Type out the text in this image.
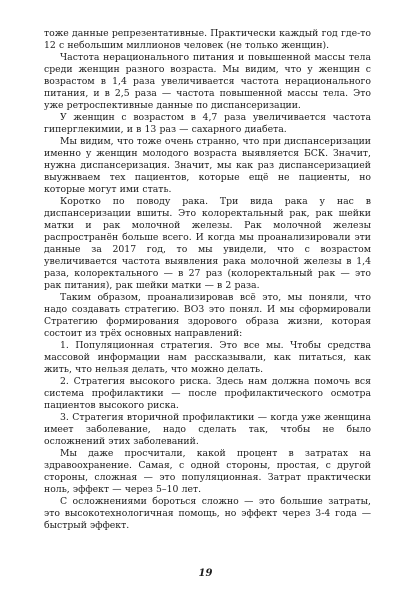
тоже данные репрезентативные. Практически каждый год где-то 12 с небольшим миллионов человек (не только женщин).

Частота нерационального питания и повышенной массы тела среди женщин разного возраста. Мы видим, что у женщин с возрастом в 1,4 раза увеличивается частота нерационального питания, и в 2,5 раза — частота повышенной массы тела. Это уже ретроспективные данные по диспансеризации.

У женщин с возрастом в 4,7 раза увеличивается частота гиперглекимии, и в 13 раз — сахарного диабета.

Мы видим, что тоже очень странно, что при диспансеризации именно у женщин молодого возраста выявляется БСК. Значит, нужна диспансеризация. Значит, мы как раз диспансеризацией выужнваем тех пациентов, которые ещё не пациенты, но которые могут ими стать.

Коротко по поводу рака. Три вида рака у нас в диспансеризации вшиты. Это колоректальный рак, рак шейки матки и рак молочной железы. Рак молочной железы распространён больше всего. И когда мы проанализировали эти данные за 2017 год, то мы увидели, что с возрастом увеличивается частота выявления рака молочной железы в 1,4 раза, колоректального — в 27 раз (колоректальный рак — это рак питания), рак шейки матки — в 2 раза.

Таким образом, проанализировав всё это, мы поняли, что надо создавать стратегию. ВОЗ это понял. И мы сформировали Стратегию формирования здорового образа жизни, которая состоит из трёх основных направлений:

1. Популяционная стратегия. Это все мы. Чтобы средства массовой информации нам рассказывали, как питаться, как жить, что нельзя делать, что можно делать.

2. Стратегия высокого риска. Здесь нам должна помочь вся система профилактики — после профилактического осмотра пациентов высокого риска.

3. Стратегия вторичной профилактики — когда уже женщина имеет заболевание, надо сделать так, чтобы не было осложнений этих заболеваний.

Мы даже просчитали, какой процент в затратах на здравоохранение. Самая, с одной стороны, простая, с другой стороны, сложная — это популяционная. Затрат практически ноль, эффект — через 5–10 лет.

С осложнениями бороться сложно — это большие затраты, это высокотехнологичная помощь, но эффект через 3-4 года — быстрый эффект.

19
